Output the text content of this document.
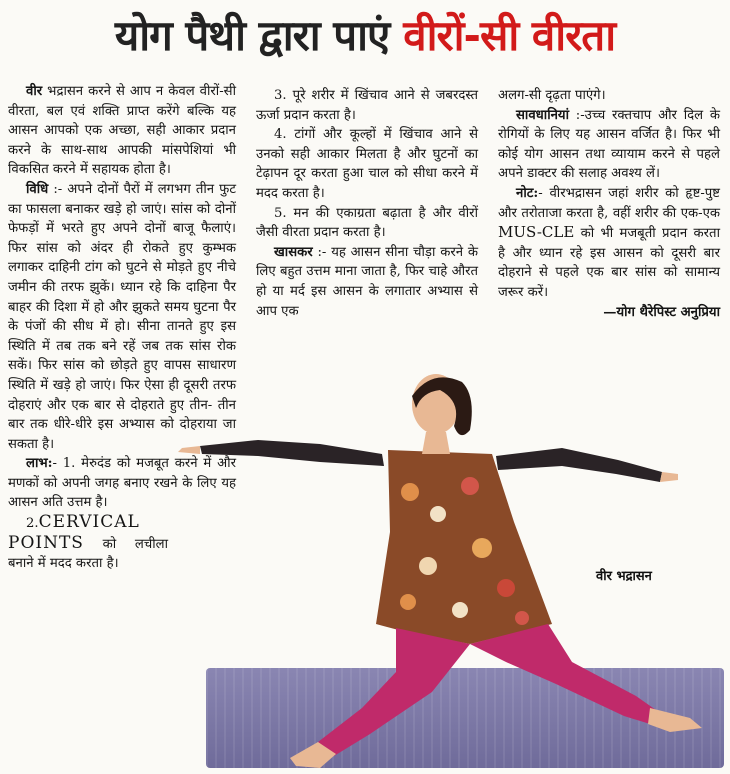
योग पैथी द्वारा पाएं वीरों-सी वीरता

वीर भद्रासन करने से आप न केवल वीरों-सी वीरता, बल एवं शक्ति प्राप्त करेंगे बल्कि यह आसन आपको एक अच्छा, सही आकार प्रदान करने के साथ-साथ आपकी मांसपेशियां भी विकसित करने में सहायक होता है।

विधि :- अपने दोनों पैरों में लगभग तीन फुट का फासला बनाकर खड़े हो जाएं। सांस को दोनों फेफड़ों में भरते हुए अपने दोनों बाजू फैलाएं। फिर सांस को अंदर ही रोकते हुए कुम्भक लगाकर दाहिनी टांग को घुटने से मोड़ते हुए नीचे जमीन की तरफ झुकें। ध्यान रहे कि दाहिना पैर बाहर की दिशा में हो और झुकते समय घुटना पैर के पंजों की सीध में हो। सीना तानते हुए इस स्थिति में तब तक बने रहें जब तक सांस रोक सकें। फिर सांस को छोड़ते हुए वापस साधारण स्थिति में खड़े हो जाएं। फिर ऐसा ही दूसरी तरफ दोहराएं और एक बार से दोहराते हुए तीन- तीन बार तक धीरे-धीरे इस अभ्यास को दोहराया जा सकता है।

लाभ:- 1. मेरुदंड को मजबूत करने में और मणकों को अपनी जगह बनाए रखने के लिए यह आसन अति उत्तम है।

2.CERVICAL POINTS को लचीला बनाने में मदद करता है।

3. पूरे शरीर में खिंचाव आने से जबरदस्त ऊर्जा प्रदान करता है।

4. टांगों और कूल्हों में खिंचाव आने से उनको सही आकार मिलता है और घुटनों का टेढ़ापन दूर करता हुआ चाल को सीधा करने में मदद करता है।

5. मन की एकाग्रता बढ़ाता है और वीरों जैसी वीरता प्रदान करता है।

खासकर :- यह आसन सीना चौड़ा करने के लिए बहुत उत्तम माना जाता है, फिर चाहे औरत हो या मर्द इस आसन के लगातार अभ्यास से आप एक

अलग-सी दृढ़ता पाएंगे।

सावधानियां :-उच्च रक्तचाप और दिल के रोगियों के लिए यह आसन वर्जित है। फिर भी कोई योग आसन तथा व्यायाम करने से पहले अपने डाक्टर की सलाह अवश्य लें।

नोट:- वीरभद्रासन जहां शरीर को हृष्ट-पुष्ट और तरोताजा करता है, वहीं शरीर की एक-एक MUS-CLE को भी मजबूती प्रदान करता है और ध्यान रहे इस आसन को दूसरी बार दोहराने से पहले एक बार सांस को सामान्य जरूर करें।

—योग थैरेपिस्ट अनुप्रिया

वीर भद्रासन
